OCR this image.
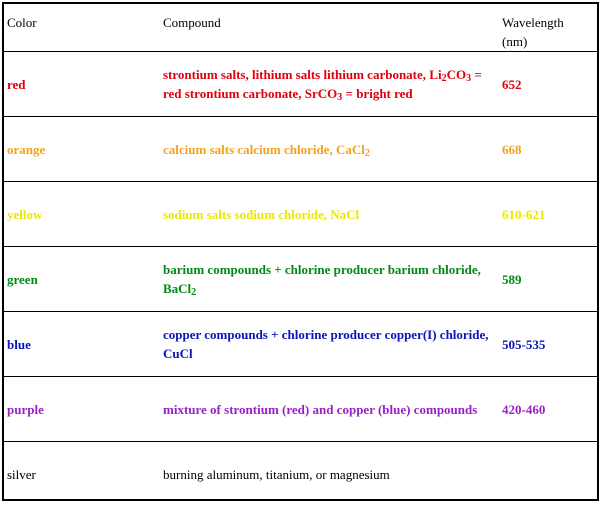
Color	Compound	Wavelength
(nm)
red	strontium salts, lithium salts lithium carbonate, $Li_2CO_3$ = red strontium carbonate, SrCO$_3$ = bright red	652
orange	calcium salts calcium chloride, CaCl$_2$	668
yellow	sodium salts sodium chloride, NaCl	610-621
green	barium compounds + chlorine producer barium chloride, BaCl$_2$	589
blue	copper compounds + chlorine producer copper(I) chloride, CuCl	505-535
purple	mixture of strontium (red) and copper (blue) compounds	420-460
silver	burning aluminum, titanium, or magnesium	
